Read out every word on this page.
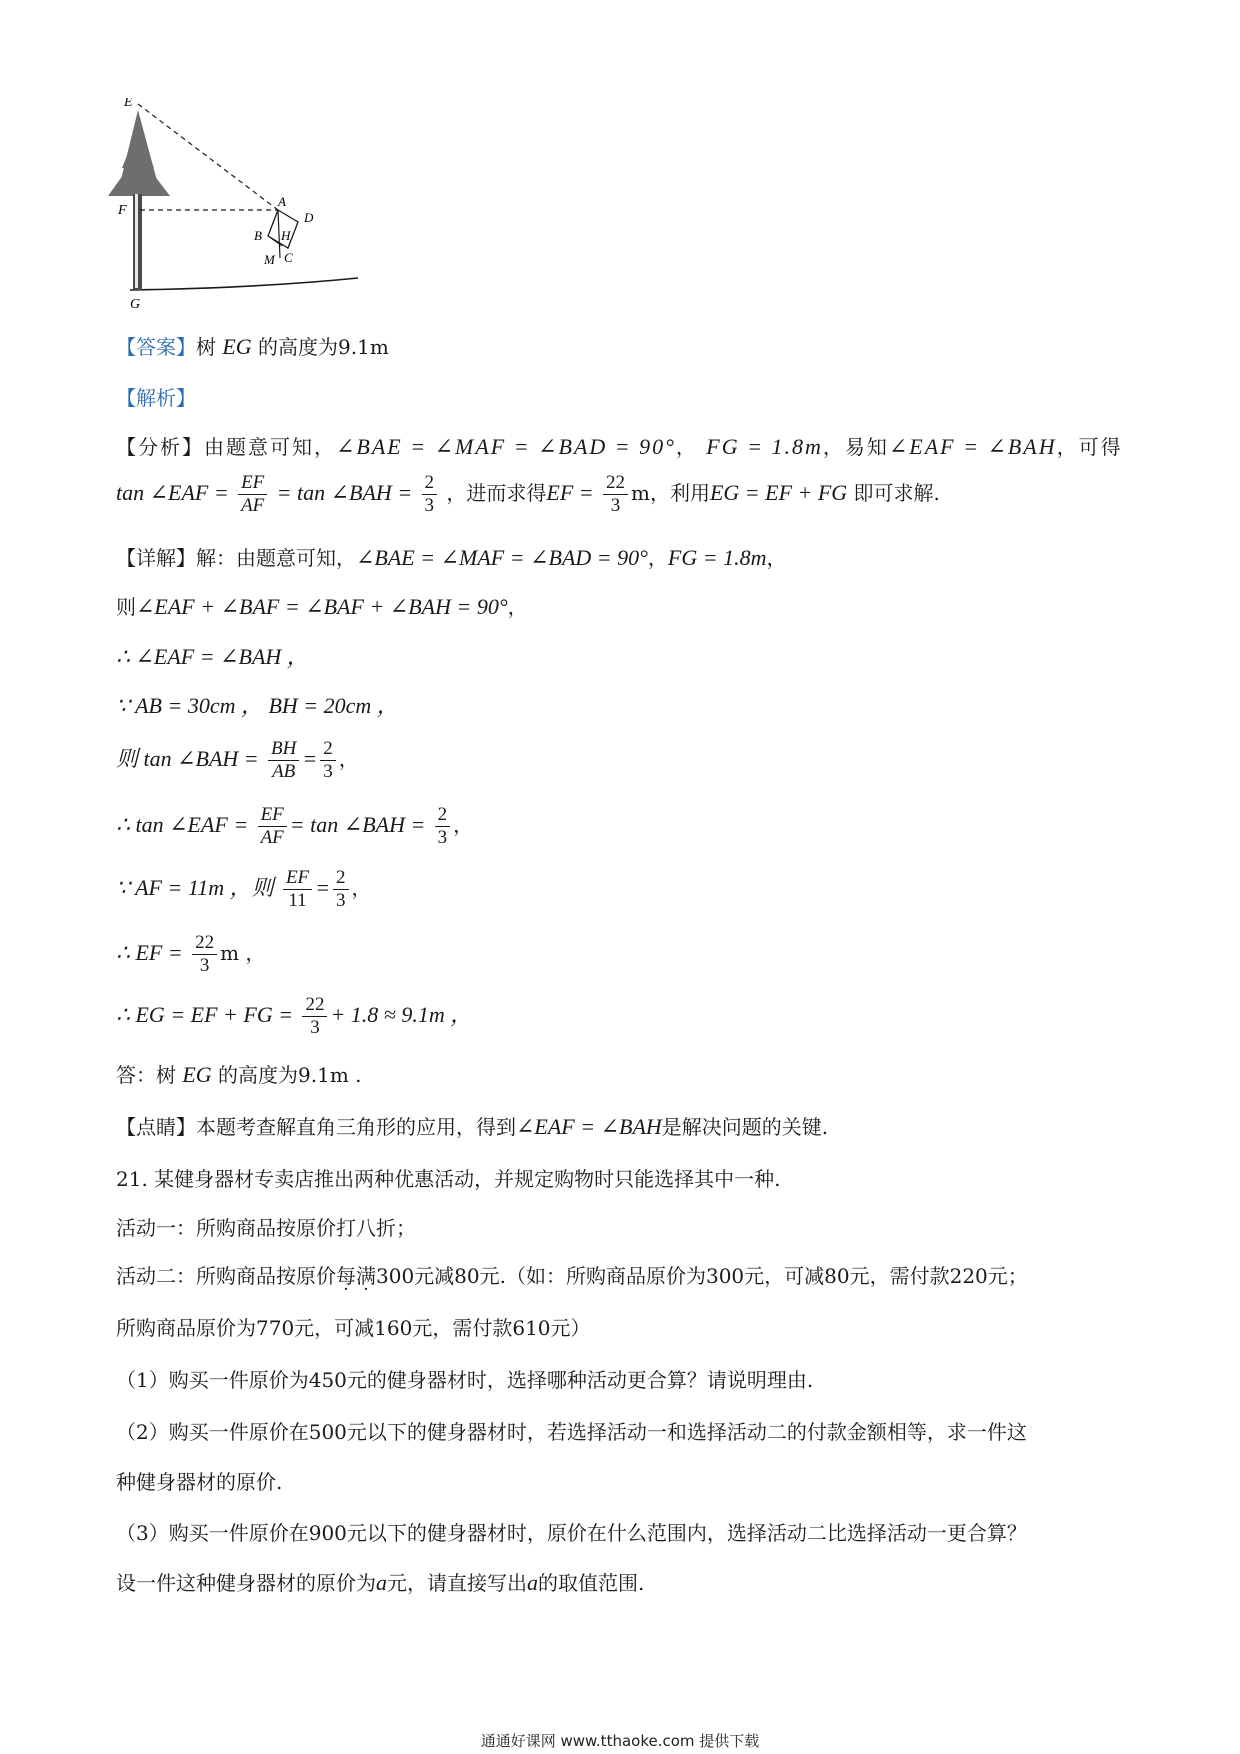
E
F
G
A
D
B H
M C
【答案】树 EG 的高度为9.1m
【解析】
【分析】由题意可知，∠BAE = ∠MAF = ∠BAD = 90°， FG = 1.8m，易知∠EAF = ∠BAH，可得
tan ∠EAF = $\frac{EF}{AF} = \tan$ ∠BAH = $\frac{2}{3}$ ，进而求得EF = $\frac{22}{3}$ m，利用EG = EF + FG 即可求解.
【详解】解：由题意可知，∠BAE = ∠MAF = ∠BAD = 90°，FG = 1.8m，
则∠EAF + ∠BAF = ∠BAF + ∠BAH = 90°，
∴ ∠EAF = ∠BAH ，
∵ AB = 30cm ， BH = 20cm ，
则 tan ∠BAH = $\frac{BH}{AB} = \frac{2}{3}$ ，
∴ tan ∠EAF = $\frac{EF}{AF} = \tan$ ∠BAH = $\frac{2}{3}$ ，
∵ AF = 11m ，则 $\frac{EF}{11} = \frac{2}{3}$ ，
∴ EF = $\frac{22}{3}$ m ，
∴ EG = EF + FG = $\frac{22}{3} + 1.8 \approx 9.1m$ ，
答：树 EG 的高度为9.1m .
【点睛】本题考查解直角三角形的应用，得到∠EAF = ∠BAH是解决问题的关键.
21. 某健身器材专卖店推出两种优惠活动，并规定购物时只能选择其中一种.
活动一：所购商品按原价打八折；
活动二：所购商品按原价每满300元减80元.（如：所购商品原价为300元，可减80元，需付款220元；
所购商品原价为770元，可减160元，需付款610元）
（1）购买一件原价为450元的健身器材时，选择哪种活动更合算？请说明理由.
（2）购买一件原价在500元以下的健身器材时，若选择活动一和选择活动二的付款金额相等，求一件这
种健身器材的原价.
（3）购买一件原价在900元以下的健身器材时，原价在什么范围内，选择活动二比选择活动一更合算？
设一件这种健身器材的原价为a元，请直接写出a的取值范围.
通通好课网 www.tthaoke.com 提供下载
